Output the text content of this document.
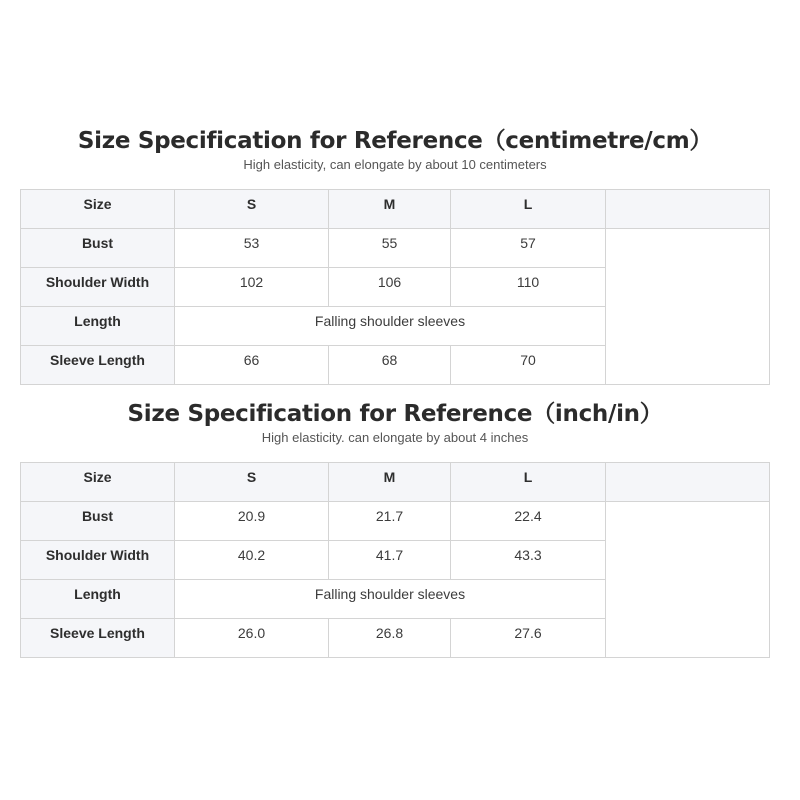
Size Specification for Reference（centimetre/cm）
High elasticity, can elongate by about 10 centimeters
Size	S	M	L
Bust	53	55	57
Shoulder Width	102	106	110
Length	Falling shoulder sleeves
Sleeve Length	66	68	70
Size Specification for Reference（inch/in）
High elasticity. can elongate by about 4 inches
Size	S	M	L
Bust	20.9	21.7	22.4
Shoulder Width	40.2	41.7	43.3
Length	Falling shoulder sleeves
Sleeve Length	26.0	26.8	27.6
